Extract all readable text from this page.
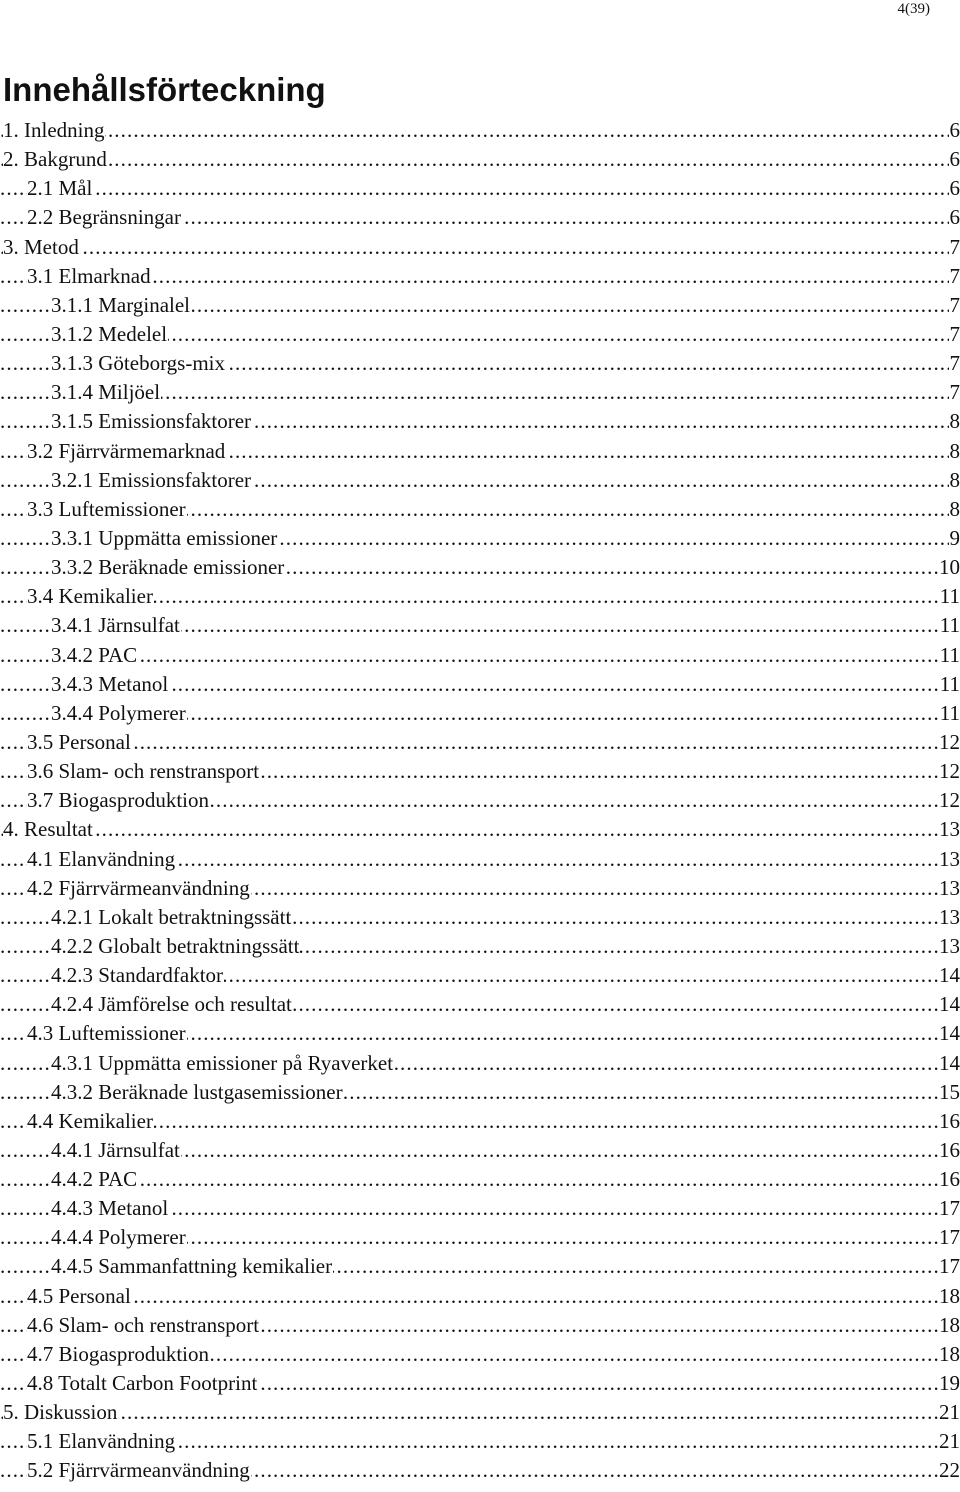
4(39)
Innehållsförteckning
.....
1. Inledning	6
.....
2. Bakgrund	6
.....
2.1 Mål	6
.....
2.2 Begränsningar	6
.....
3. Metod	7
.....
3.1 Elmarknad	7
.....
3.1.1 Marginalel	7
.....
3.1.2 Medelel	7
.....
3.1.3 Göteborgs-mix	7
.....
3.1.4 Miljöel	7
.....
3.1.5 Emissionsfaktorer	8
.....
3.2 Fjärrvärmemarknad	8
.....
3.2.1 Emissionsfaktorer	8
.....
3.3 Luftemissioner	8
.....
3.3.1 Uppmätta emissioner	9
.....
3.3.2 Beräknade emissioner	10
.....
3.4 Kemikalier	11
.....
3.4.1 Järnsulfat	11
.....
3.4.2 PAC	11
.....
3.4.3 Metanol	11
.....
3.4.4 Polymerer	11
.....
3.5 Personal	12
.....
3.6 Slam- och renstransport	12
.....
3.7 Biogasproduktion	12
.....
4. Resultat	13
.....
4.1 Elanvändning	13
.....
4.2 Fjärrvärmeanvändning	13
.....
4.2.1 Lokalt betraktningssätt	13
.....
4.2.2 Globalt betraktningssätt	13
.....
4.2.3 Standardfaktor	14
.....
4.2.4 Jämförelse och resultat	14
.....
4.3 Luftemissioner	14
.....
4.3.1 Uppmätta emissioner på Ryaverket	14
.....
4.3.2 Beräknade lustgasemissioner	15
.....
4.4 Kemikalier	16
.....
4.4.1 Järnsulfat	16
.....
4.4.2 PAC	16
.....
4.4.3 Metanol	17
.....
4.4.4 Polymerer	17
.....
4.4.5 Sammanfattning kemikalier	17
.....
4.5 Personal	18
.....
4.6 Slam- och renstransport	18
.....
4.7 Biogasproduktion	18
.....
4.8 Totalt Carbon Footprint	19
.....
5. Diskussion	21
.....
5.1 Elanvändning	21
.....
5.2 Fjärrvärmeanvändning	22
